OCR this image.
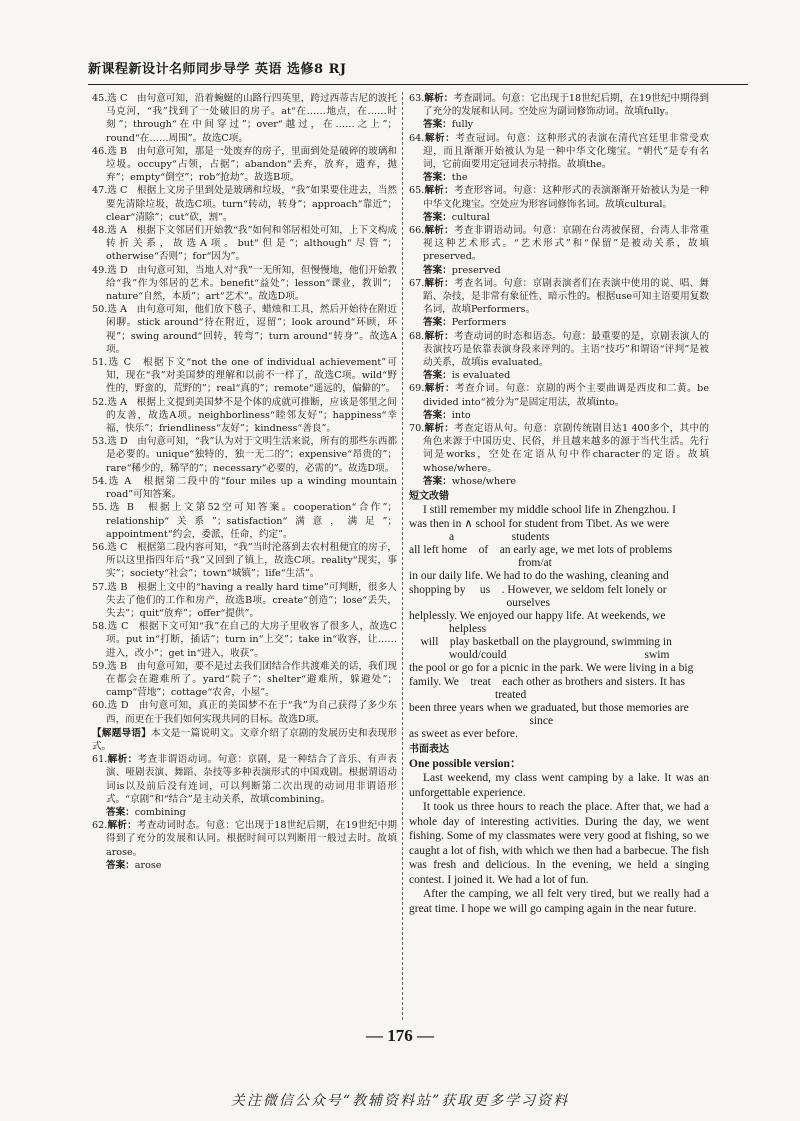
新课程新设计名师同步导学 英语 选修8 RJ
45.选 C　由句意可知，沿着蜿蜒的山路行四英里，跨过西蒂吉尼的波托马克河，“我”找到了一处破旧的房子。at“在……地点，在……时刻”；through“在中间穿过”；over“越过，在……之上”；round“在……周围”。故选C项。
46.选 B　由句意可知，那是一处废弃的房子，里面到处是破碎的玻璃和垃圾。occupy“占领，占据”；abandon“丢弃，放弃，遗弃，抛弃”；empty“倒空”；rob“抢劫”。故选B项。
47.选 C　根据上文房子里到处是玻璃和垃圾，“我”如果要住进去，当然要先清除垃圾，故选C项。turn“转动，转身”；approach“靠近”；clear“清除”；cut“砍，割”。
48.选 A　根据下文邻居们开始教“我”如何和邻居相处可知，上下文构成转折关系，故选A项。but“但是”；although“尽管”；otherwise“否则”；for“因为”。
49.选 D　由句意可知，当地人对“我”一无所知，但慢慢地，他们开始教给“我”作为邻居的艺术。benefit“益处”；lesson“课业，教训”；nature“自然，本质”；art“艺术”。故选D项。
50.选 A　由句意可知，他们放下毯子、蜡烛和工具，然后开始待在附近闲聊。stick around“待在附近，逗留”；look around“环顾，环视”；swing around“回转，转弯”；turn around“转身”。故选A项。
51.选 C　根据下文“not the one of individual achievement”可知，现在“我”对美国梦的理解和以前不一样了，故选C项。wild“野性的，野蛮的，荒野的”；real“真的”；remote“遥远的，偏僻的”。
52.选 A　根据上文提到美国梦不是个体的成就可推断，应该是邻里之间的友善，故选A项。neighborliness“睦邻友好”；happiness“幸福，快乐”；friendliness“友好”；kindness“善良”。
53.选 D　由句意可知，“我”认为对于文明生活来说，所有的那些东西都是必要的。unique“独特的，独一无二的”；expensive“昂贵的”；rare“稀少的，稀罕的”；necessary“必要的，必需的”。故选D项。
54.选 A　根据第二段中的“four miles up a winding mountain road”可知答案。
55.选 B　根据上文第52空可知答案。cooperation“合作”；relationship“关系”；satisfaction“满意，满足”；appointment“约会，委派，任命，约定”。
56.选 C　根据第二段内容可知，“我”当时沦落到去农村租便宜的房子，所以这里指四年后“我”又回到了镇上，故选C项。reality“现实，事实”；society“社会”；town“城镇”；life“生活”。
57.选 B　根据上文中的“having a really hard time”可判断，很多人失去了他们的工作和房产，故选B项。create“创造”；lose“丢失，失去”；quit“放弃”；offer“提供”。
58.选 C　根据下文可知“我”在自己的大房子里收容了很多人，故选C项。put in“打断，插话”；turn in“上交”；take in“收容，让……进入，改小”；get in“进入，收获”。
59.选 B　由句意可知，要不是过去我们团结合作共渡难关的话，我们现在都会在避难所了。yard“院子”；shelter“避难所，躲避处”；camp“营地”；cottage“农舍，小屋”。
60.选 D　由句意可知，真正的美国梦不在于“我”为自己获得了多少东西，而更在于我们如何实现共同的目标。故选D项。
【解题导语】本文是一篇说明文。文章介绍了京剧的发展历史和表现形式。
61.解析：考查非谓语动词。句意：京剧，是一种结合了音乐、有声表演、哑剧表演、舞蹈、杂技等多种表演形式的中国戏剧。根据谓语动词is以及前后没有连词，可以判断第二次出现的动词用非谓语形式。“京剧”和“结合”是主动关系，故填combining。
答案：combining
62.解析：考查动词时态。句意：它出现于18世纪后期，在19世纪中期得到了充分的发展和认同。根据时间可以判断用一般过去时。故填arose。
答案：arose
63.解析：考查副词。句意：它出现于18世纪后期，在19世纪中期得到了充分的发展和认同。空处应为副词修饰动词。故填fully。
答案：fully
64.解析：考查冠词。句意：这种形式的表演在清代宫廷里非常受欢迎，而且渐渐开始被认为是一种中华文化瑰宝。“朝代”是专有名词，它前面要用定冠词表示特指。故填the。
答案：the
65.解析：考查形容词。句意：这种形式的表演渐渐开始被认为是一种中华文化瑰宝。空处应为形容词修饰名词。故填cultural。
答案：cultural
66.解析：考查非谓语动词。句意：京剧在台湾被保留，台湾人非常重视这种艺术形式。“艺术形式”和“保留”是被动关系，故填preserved。
答案：preserved
67.解析：考查名词。句意：京剧表演者们在表演中使用的说、唱、舞蹈、杂技，是非常有象征性、暗示性的。根据use可知主语要用复数名词，故填Performers。
答案：Performers
68.解析：考查动词的时态和语态。句意：最重要的是，京剧表演人的表演技巧是依靠表演身段来评判的。主语“技巧”和谓语“评判”是被动关系，故填is evaluated。
答案：is evaluated
69.解析：考查介词。句意：京剧的两个主要曲调是西皮和二黄。be divided into“被分为”是固定用法，故填into。
答案：into
70.解析：考查定语从句。句意：京剧传统剧目达1 400多个，其中的角色来源于中国历史、民俗，并且越来越多的源于当代生活。先行词是works，空处在定语从句中作character的定语。故填whose/where。
答案：whose/where
短文改错
I still remember my middle school life in Zhengzhou. I
was then in ∧ school for student from Tibet. As we were
a　　　　　students
all left home　of　an early age, we met lots of problems
　　　　　　from/at
in our daily life. We had to do the washing, cleaning and
shopping by　 us　. However, we seldom felt lonely or
　　　　　ourselves
helplessly. We enjoyed our happy life. At weekends, we
helpless
　will　play basketball on the playground, swimming in
would/could　　　　　　　　　　　　swim
the pool or go for a picnic in the park. We were living in a big
family. We　treat　each other as brothers and sisters. It has
　　　　treated
been three years when we graduated, but those memories are
　　　　　　　since
as sweet as ever before.
书面表达
One possible version：

Last weekend, my class went camping by a lake. It was an unforgettable experience.

It took us three hours to reach the place. After that, we had a whole day of interesting activities. During the day, we went fishing. Some of my classmates were very good at fishing, so we caught a lot of fish, with which we then had a barbecue. The fish was fresh and delicious. In the evening, we held a singing contest. I joined it. We had a lot of fun.

After the camping, we all felt very tired, but we really had a great time. I hope we will go camping again in the near future.

— 176 —
关注微信公众号“教辅资料站”获取更多学习资料
